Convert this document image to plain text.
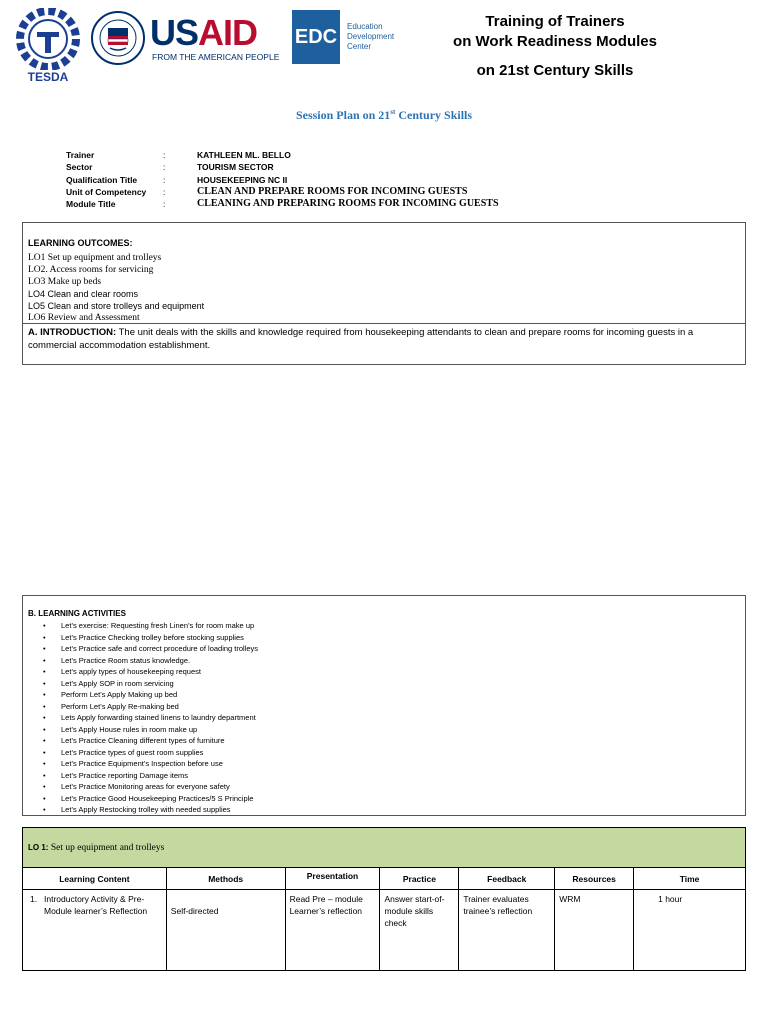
TESDA
USAID
FROM THE AMERICAN PEOPLE
EDC	Education
Development
Center
Training of Trainers
on Work Readiness Modules
on 21st Century Skills
Session Plan on 21st Century Skills
Trainer	:	KATHLEEN ML. BELLO
Sector	:	TOURISM SECTOR
Qualification Title	:	HOUSEKEEPING NC II
Unit of Competency :	CLEAN AND PREPARE ROOMS FOR INCOMING GUESTS
Module Title	:	CLEANING AND PREPARING ROOMS FOR INCOMING GUESTS
LEARNING OUTCOMES:
LO1 Set up equipment and trolleys
LO2. Access rooms for servicing
LO3 Make up beds
LO4 Clean and clear rooms
LO5 Clean and store trolleys and equipment
LO6 Review and Assessment
A. INTRODUCTION: The unit deals with the skills and knowledge required from housekeeping attendants to clean and prepare rooms for incoming guests in a commercial accommodation establishment.
B. LEARNING ACTIVITIES
• Let’s exercise: Requesting fresh Linen’s for room make up
• Let’s Practice Checking trolley before stocking supplies
• Let’s Practice safe and correct procedure of loading trolleys
• Let’s Practice Room status knowledge.
• Let’s apply types of housekeeping request
• Let’s Apply SOP in room servicing
• Perform Let’s Apply Making up bed
• Perform Let’s Apply Re-making bed
• Lets Apply forwarding stained linens to laundry department
• Let’s Apply House rules in room make up
• Let’s Practice Cleaning different types of furniture
• Let’s Practice types of guest room supplies
• Let’s Practice Equipment’s Inspection before use
• Let’s Practice reporting Damage items
• Let’s Practice Monitoring areas for everyone safety
• Let’s Practice Good Housekeeping Practices/5 S Principle
• Let’s Apply Restocking trolley with needed supplies
LO 1: Set up equipment and trolleys						
Learning Content	Methods	Presentation	Practice	Feedback	Resources	Time

1. Introductory Activity & Pre- Module learner’s Reflection	Self-directed	Read Pre – module Learner’s reflection	Answer start-of-module skills check	Trainer evaluates trainee’s reflection	WRM	1 hour
